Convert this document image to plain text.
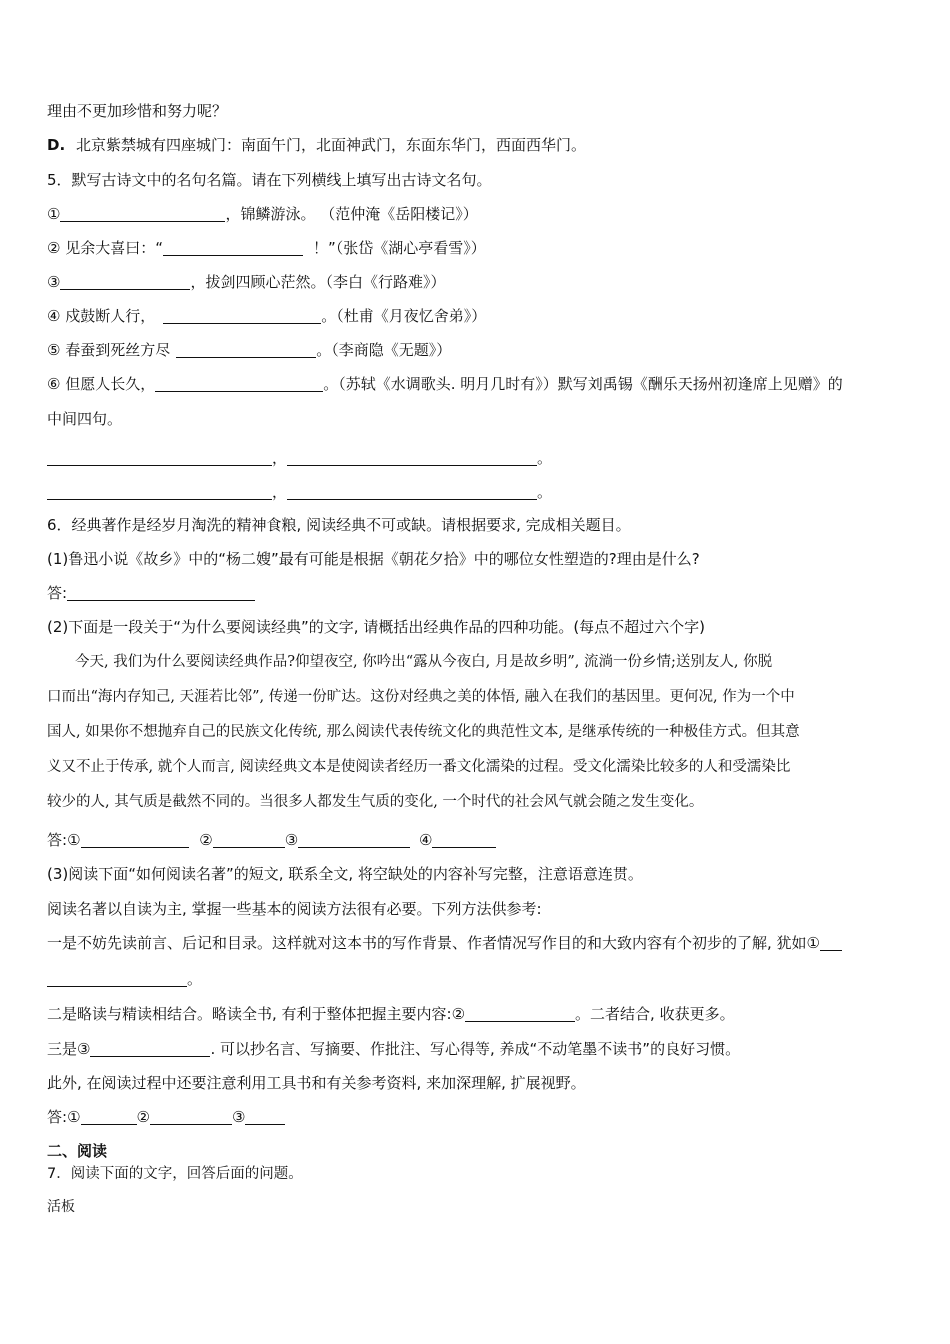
理由不更加珍惜和努力呢？
D. 北京紫禁城有四座城门：南面午门，北面神武门，东面东华门，西面西华门。
5．默写古诗文中的名句名篇。请在下列横线上填写出古诗文名句。
①	，锦鳞游泳。 （范仲淹《岳阳楼记》）
② 见余大喜曰：“	！”（张岱《湖心亭看雪》）
③	，拔剑四顾心茫然。（李白《行路难》）
④ 戍鼓断人行，	。（杜甫《月夜忆舍弟》）
⑤ 春蚕到死丝方尽	。（李商隐《无题》）
⑥ 但愿人长久，	。（苏轼《水调歌头. 明月几时有》）默写刘禹锡《酬乐天扬州初逢席上见赠》的
中间四句。
，	。
，	。
6．经典著作是经岁月淘洗的精神食粮, 阅读经典不可或缺。请根据要求, 完成相关题目。
(1)鲁迅小说《故乡》中的“杨二嫂”最有可能是根据《朝花夕拾》中的哪位女性塑造的?理由是什么?
答:
(2)下面是一段关于“为什么要阅读经典”的文字, 请概括出经典作品的四种功能。(每点不超过六个字)
今天, 我们为什么要阅读经典作品?仰望夜空, 你吟出“露从今夜白, 月是故乡明”, 流淌一份乡情;送别友人, 你脱
口而出“海内存知己, 天涯若比邻”, 传递一份旷达。这份对经典之美的体悟, 融入在我们的基因里。更何况, 作为一个中
国人, 如果你不想抛弃自己的民族文化传统, 那么阅读代表传统文化的典范性文本, 是继承传统的一种极佳方式。但其意
义又不止于传承, 就个人而言, 阅读经典文本是使阅读者经历一番文化濡染的过程。受文化濡染比较多的人和受濡染比
较少的人, 其气质是截然不同的。当很多人都发生气质的变化, 一个时代的社会风气就会随之发生变化。
答:①	②	③	④
(3)阅读下面“如何阅读名著”的短文, 联系全文, 将空缺处的内容补写完整，注意语意连贯。
阅读名著以自读为主, 掌握一些基本的阅读方法很有必要。下列方法供参考:
一是不妨先读前言、后记和目录。这样就对这本书的写作背景、作者情况写作目的和大致内容有个初步的了解, 犹如①
。
二是略读与精读相结合。略读全书, 有利于整体把握主要内容:②	。二者结合, 收获更多。
三是③	. 可以抄名言、写摘要、作批注、写心得等, 养成“不动笔墨不读书”的良好习惯。
此外, 在阅读过程中还要注意利用工具书和有关参考资料, 来加深理解, 扩展视野。
答:①	②	③
二、阅读
7．阅读下面的文字，回答后面的问题。
活板
